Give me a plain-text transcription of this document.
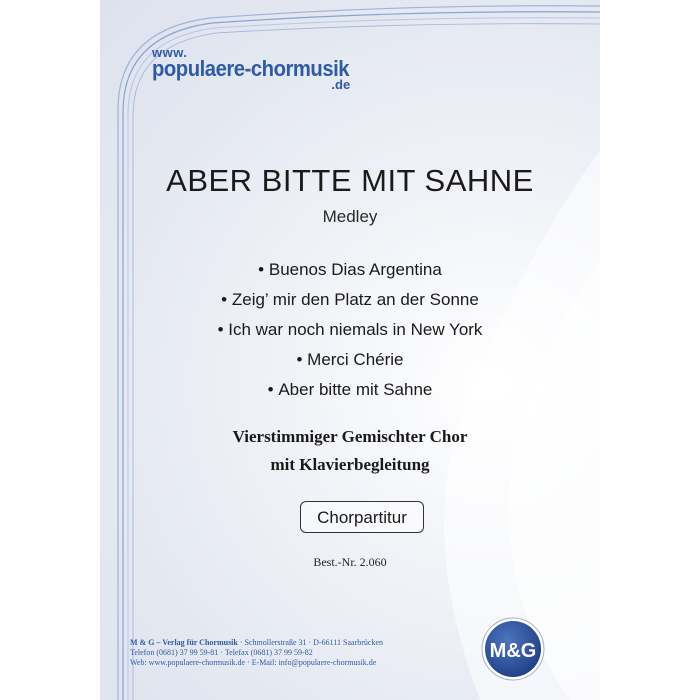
www.
populaere-chormusik
.de
ABER BITTE MIT SAHNE
Medley
• Buenos Dias Argentina
• Zeig’ mir den Platz an der Sonne
• Ich war noch niemals in New York
• Merci Chérie
• Aber bitte mit Sahne
Vierstimmiger Gemischter Chor
mit Klavierbegleitung
Chorpartitur
Best.-Nr. 2.060
M & G – Verlag für Chormusik · Schmollerstraße 31 · D-66111 Saarbrücken
Telefon (0681) 37 99 59-81 · Telefax (0681) 37 99 59-82
Web: www.populaere-chormusik.de · E-Mail: info@populaere-chormusik.de
M&G
